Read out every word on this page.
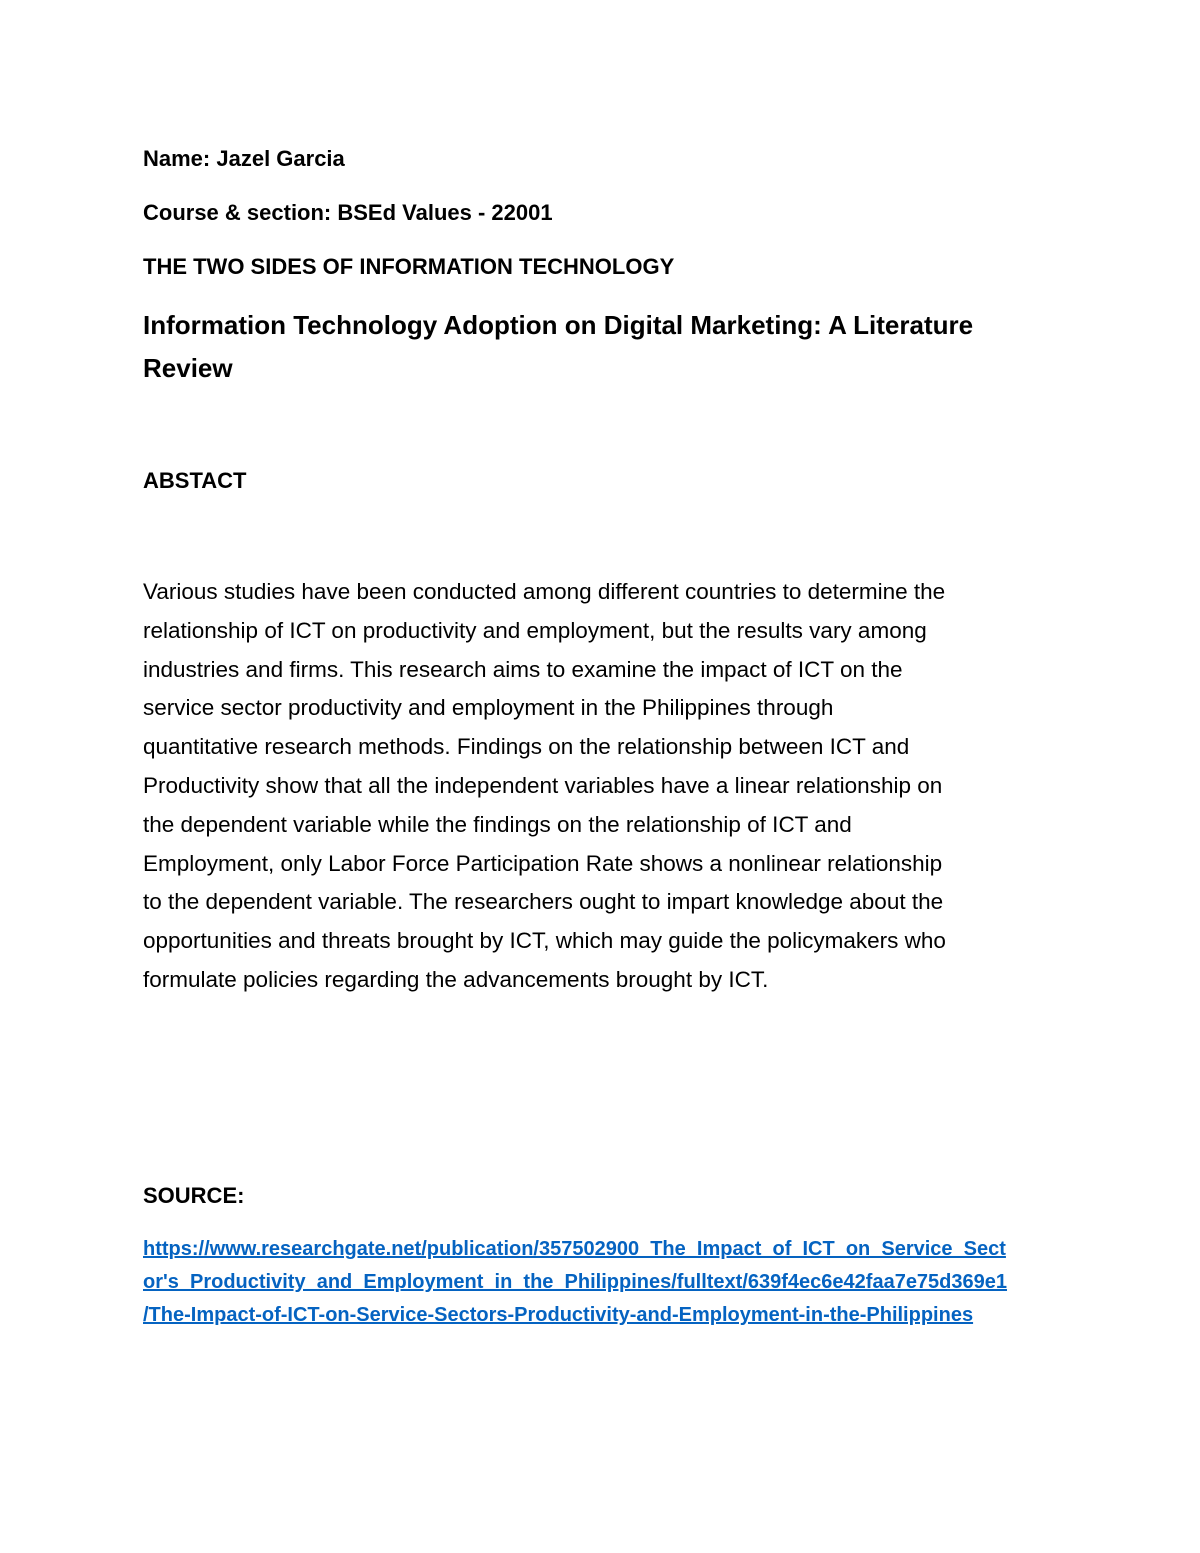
Name: Jazel Garcia
Course & section: BSEd Values - 22001
THE TWO SIDES OF INFORMATION TECHNOLOGY
Information Technology Adoption on Digital Marketing: A Literature Review
ABSTACT
Various studies have been conducted among different countries to determine the
relationship of ICT on productivity and employment, but the results vary among
industries and firms. This research aims to examine the impact of ICT on the
service sector productivity and employment in the Philippines through
quantitative research methods. Findings on the relationship between ICT and
Productivity show that all the independent variables have a linear relationship on
the dependent variable while the findings on the relationship of ICT and
Employment, only Labor Force Participation Rate shows a nonlinear relationship
to the dependent variable. The researchers ought to impart knowledge about the
opportunities and threats brought by ICT, which may guide the policymakers who
formulate policies regarding the advancements brought by ICT.
SOURCE:
https://www.researchgate.net/publication/357502900_The_Impact_of_ICT_on_Service_Sect
or's_Productivity_and_Employment_in_the_Philippines/fulltext/639f4ec6e42faa7e75d369e1
/The-Impact-of-ICT-on-Service-Sectors-Productivity-and-Employment-in-the-Philippines
